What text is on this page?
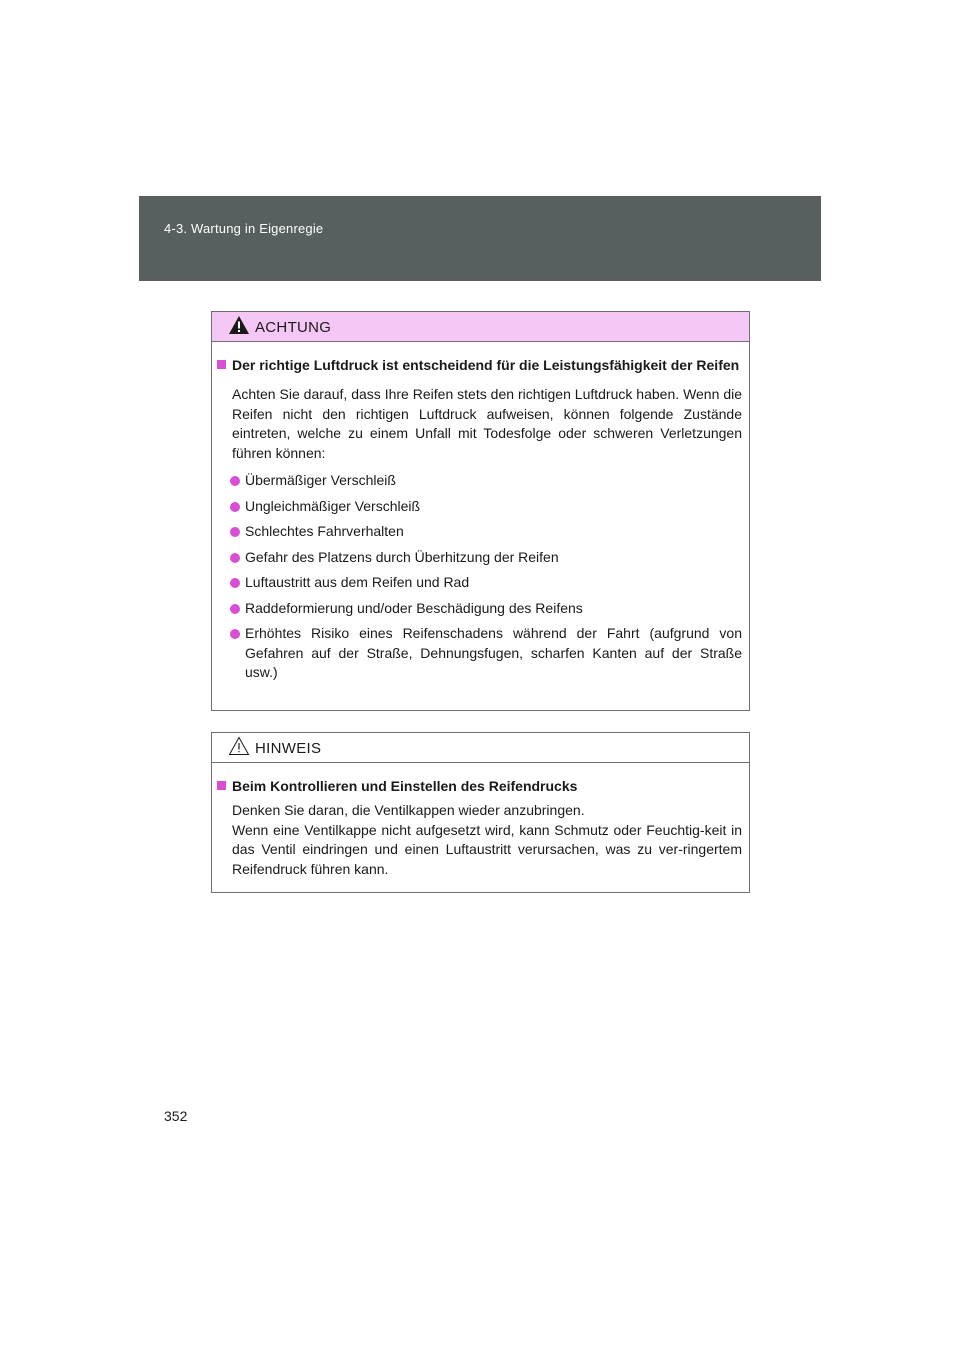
4-3. Wartung in Eigenregie
ACHTUNG
Der richtige Luftdruck ist entscheidend für die Leistungsfähigkeit der Reifen

Achten Sie darauf, dass Ihre Reifen stets den richtigen Luftdruck haben. Wenn die Reifen nicht den richtigen Luftdruck aufweisen, können folgende Zustände eintreten, welche zu einem Unfall mit Todesfolge oder schweren Verletzungen führen können:

Übermäßiger Verschleiß
Ungleichmäßiger Verschleiß
Schlechtes Fahrverhalten
Gefahr des Platzens durch Überhitzung der Reifen
Luftaustritt aus dem Reifen und Rad
Raddeformierung und/oder Beschädigung des Reifens
Erhöhtes Risiko eines Reifenschadens während der Fahrt (aufgrund von Gefahren auf der Straße, Dehnungsfugen, scharfen Kanten auf der Straße usw.)
HINWEIS
Beim Kontrollieren und Einstellen des Reifendrucks

Denken Sie daran, die Ventilkappen wieder anzubringen.

Wenn eine Ventilkappe nicht aufgesetzt wird, kann Schmutz oder Feuchtig-keit in das Ventil eindringen und einen Luftaustritt verursachen, was zu ver-ringertem Reifendruck führen kann.

352
